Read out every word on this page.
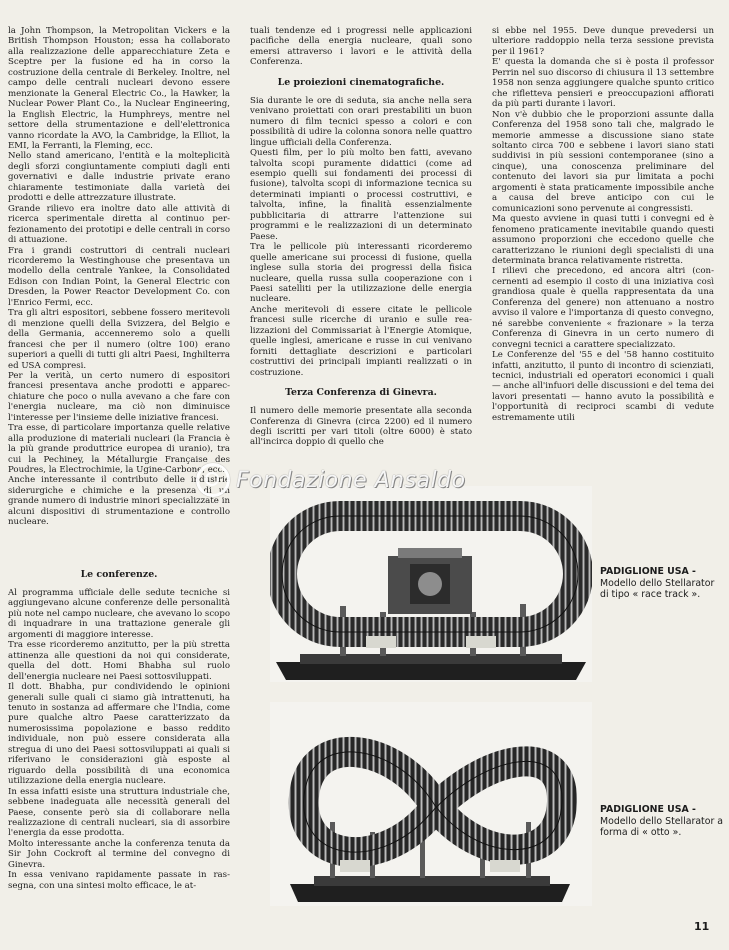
la John Thompson, la Metropolitan Vickers e la British Thompson Houston; essa ha collaborato alla realizzazione delle apparecchiature Zeta e Sceptre per la fusione ed ha in corso la costruzione della centrale di Berkeley. Inoltre, nel campo delle centrali nucleari devono essere menzionate la General Electric Co., la Hawker, la Nuclear Power Plant Co., la Nuclear Engineering, la English Electric, la Humphreys, mentre nel settore della strumentazione e dell'elettronica vanno ricordate la AVO, la Cambridge, la Elliot, la EMI, la Ferranti, la Fleming, ecc.

Nello stand americano, l'entità e la molteplicità degli sforzi congiuntamente compiuti dagli enti governativi e dalle industrie private erano chiaramente testimoniate dalla varietà dei prodotti e delle attrezzature illustrate.

Grande rilievo era inoltre dato alle attività di ricerca sperimentale diretta al continuo perfezionamento dei prototipi e delle centrali in corso di attuazione.

Fra i grandi costruttori di centrali nucleari ricorderemo la Westinghouse che presentava un modello della centrale Yankee, la Consolidated Edison con Indian Point, la General Electric con Dresden, la Power Reactor Development Co. con l'Enrico Fermi, ecc.

Tra gli altri espositori, sebbene fossero meritevoli di menzione quelli della Svizzera, del Belgio e della Germania, accenneremo solo a quelli francesi che per il numero (oltre 100) erano superiori a quelli di tutti gli altri Paesi, Inghilterra ed USA compresi.

Per la verità, un certo numero di espositori francesi presentava anche prodotti e apparecchiature che poco o nulla avevano a che fare con l'energia nucleare, ma ciò non diminuisce l'interesse per l'insieme delle iniziative francesi.

Tra esse, di particolare importanza quelle relative alla produzione di materiali nucleari (la Francia è la più grande produttrice europea di uranio), tra cui la Pechiney, la Métallurgie Française des Poudres, la Electrochimie, la Ugine-Carbone, ecc.

Anche interessante il contributo delle industrie siderurgiche e chimiche e la presenza di un grande numero di industrie minori specializzate in alcuni dispositivi di strumentazione e controllo nucleare.

Le conferenze.

Al programma ufficiale delle sedute tecniche si aggiungevano alcune conferenze delle personalità più note nel campo nucleare, che avevano lo scopo di inquadrare in una trattazione generale gli argomenti di maggiore interesse.

Tra esse ricorderemo anzitutto, per la più stretta attinenza alle questioni da noi qui considerate, quella del dott. Homi Bhabha sul ruolo dell'energia nucleare nei Paesi sottosviluppati.

Il dott. Bhabha, pur condividendo le opinioni generali sulle quali ci siamo già intrattenuti, ha tenuto in sostanza ad affermare che l'India, come pure qualche altro Paese caratterizzato da numerosissima popolazione e basso reddito individuale, non può essere considerata alla stregua di uno dei Paesi sottosviluppati ai quali si riferivano le considerazioni già esposte al riguardo della possibilità di una economica utilizzazione della energia nucleare.

In essa infatti esiste una struttura industriale che, sebbene inadeguata alle necessità generali del Paese, consente però sia di collaborare nella realizzazione di centrali nucleari, sia di assorbire l'energia da esse prodotta.

Molto interessante anche la conferenza tenuta da Sir John Cockroft al termine del convegno di Ginevra.

In essa venivano rapidamente passate in rassegna, con una sintesi molto efficace, le at-

tuali tendenze ed i progressi nelle applicazioni pacifiche della energia nucleare, quali sono emersi attraverso i lavori e le attività della Conferenza.

Le proiezioni cinematografiche.

Sia durante le ore di seduta, sia anche nella sera venivano proiettati con orari prestabiliti un buon numero di film tecnici spesso a colori e con possibilità di udire la colonna sonora nelle quattro lingue ufficiali della Conferenza.

Questi film, per lo più molto ben fatti, avevano talvolta scopi puramente didattici (come ad esempio quelli sui fondamenti dei processi di fusione), talvolta scopi di informazione tecnica su determinati impianti o processi costruttivi, e talvolta, infine, la finalità essenzialmente pubblicitaria di attrarre l'attenzione sui programmi e le realizzazioni di un determinato Paese.

Tra le pellicole più interessanti ricorderemo quelle americane sui processi di fusione, quella inglese sulla storia dei progressi della fisica nucleare, quella russa sulla cooperazione con i Paesi satelliti per la utilizzazione delle energia nucleare.

Anche meritevoli di essere citate le pellicole francesi sulle ricerche di uranio e sulle realizzazioni del Commissariat à l'Energie Atomique, quelle inglesi, americane e russe in cui venivano forniti dettagliate descrizioni e particolari costruttivi dei principali impianti realizzati o in costruzione.

Terza Conferenza di Ginevra.

Il numero delle memorie presentate alla seconda Conferenza di Ginevra (circa 2200) ed il numero degli iscritti per vari titoli (oltre 6000) è stato all'incirca doppio di quello che

si ebbe nel 1955. Deve dunque prevedersi un ulteriore raddoppio nella terza sessione prevista per il 1961?

E' questa la domanda che si è posta il professor Perrin nel suo discorso di chiusura il 13 settembre 1958 non senza aggiungere qualche spunto critico che rifletteva pensieri e preoccupazioni affiorati da più parti durante i lavori.

Non v'è dubbio che le proporzioni assunte dalla Conferenza del 1958 sono tali che, malgrado le memorie ammesse a discussione siano state soltanto circa 700 e sebbene i lavori siano stati suddivisi in più sessioni contemporanee (sino a cinque), una conoscenza preliminare del contenuto dei lavori sia pur limitata a pochi argomenti è stata praticamente impossibile anche a causa del breve anticipo con cui le comunicazioni sono pervenute ai congressisti.

Ma questo avviene in quasi tutti i convegni ed è fenomeno praticamente inevitabile quando questi assumono proporzioni che eccedono quelle che caratterizzano le riunioni degli specialisti di una determinata branca relativamente ristretta.

I rilievi che precedono, ed ancora altri (concernenti ad esempio il costo di una iniziativa così grandiosa quale è quella rappresentata da una Conferenza del genere) non attenuano a nostro avviso il valore e l'importanza di questo convegno, né sarebbe conveniente « frazionare » la terza Conferenza di Ginevra in un certo numero di convegni tecnici a carattere specializzato.

Le Conferenze del '55 e del '58 hanno costituito infatti, anzitutto, il punto di incontro di scienziati, tecnici, industriali ed operatori economici i quali — anche all'infuori delle discussioni e del tema dei lavori presentati — hanno avuto la possibilità e l'opportunità di reciproci scambi di vedute estremamente utili

PADIGLIONE USA -
Modello dello Stellarator di tipo « race track ».
PADIGLIONE USA -
Modello dello Stellarator a forma di « otto ».
Fondazione Ansaldo
11
